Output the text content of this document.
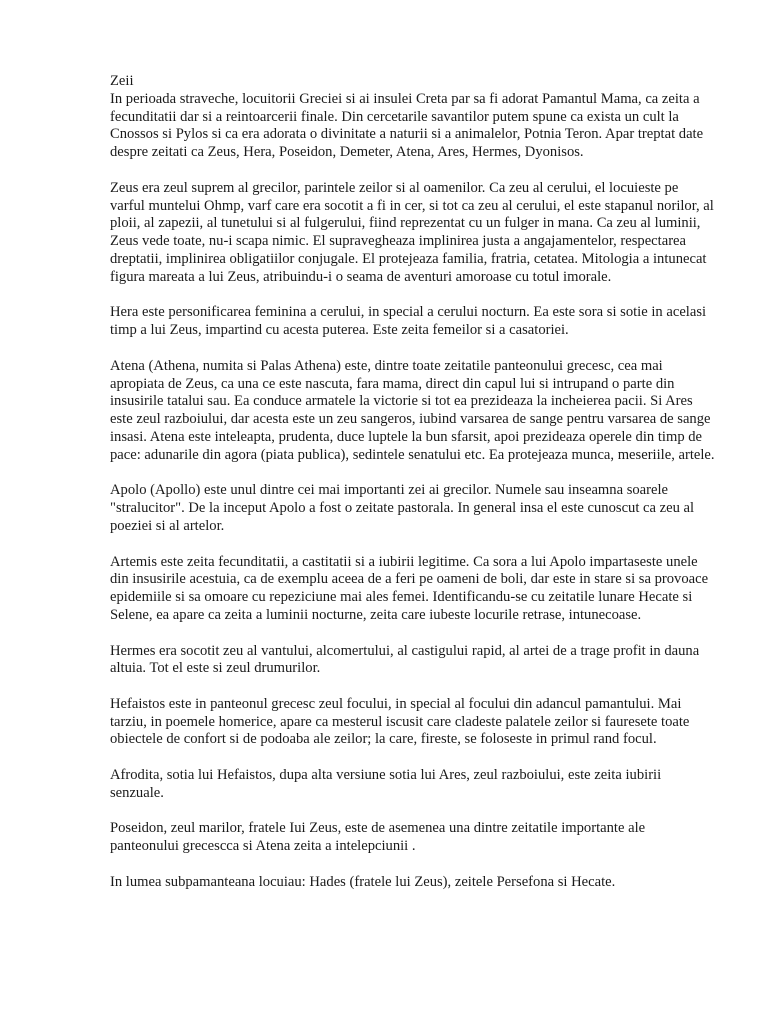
Zeii

In perioada straveche, locuitorii Greciei si ai insulei Creta par sa fi adorat Pamantul Mama, ca zeita a fecunditatii dar si a reintoarcerii finale. Din cercetarile savantilor putem spune ca exista un cult la Cnossos si Pylos si ca era adorata o divinitate a naturii si a animalelor, Potnia Teron. Apar treptat date despre zeitati ca Zeus, Hera, Poseidon, Demeter, Atena, Ares, Hermes, Dyonisos.

Zeus era zeul suprem al grecilor, parintele zeilor si al oamenilor. Ca zeu al cerului, el locuieste pe varful muntelui Ohmp, varf care era socotit a fi in cer, si tot ca zeu al cerului, el este stapanul norilor, al ploii, al zapezii, al tunetului si al fulgerului, fiind reprezentat cu un fulger in mana. Ca zeu al luminii, Zeus vede toate, nu-i scapa nimic. El supravegheaza implinirea justa a angajamentelor, respectarea dreptatii, implinirea obligatiilor conjugale. El protejeaza familia, fratria, cetatea. Mitologia a intunecat figura mareata a lui Zeus, atribuindu-i o seama de aventuri amoroase cu totul imorale.

Hera este personificarea feminina a cerului, in special a cerului nocturn. Ea este sora si sotie in acelasi timp a lui Zeus, impartind cu acesta puterea. Este zeita femeilor si a casatoriei.

Atena (Athena, numita si Palas Athena) este, dintre toate zeitatile panteonului grecesc, cea mai apropiata de Zeus, ca una ce este nascuta, fara mama, direct din capul lui si intrupand o parte din insusirile tatalui sau. Ea conduce armatele la victorie si tot ea prezideaza la incheierea pacii. Si Ares este zeul razboiului, dar acesta este un zeu sangeros, iubind varsarea de sange pentru varsarea de sange insasi. Atena este inteleapta, prudenta, duce luptele la bun sfarsit, apoi prezideaza operele din timp de pace: adunarile din agora (piata publica), sedintele senatului etc. Ea protejeaza munca, meseriile, artele.

Apolo (Apollo) este unul dintre cei mai importanti zei ai grecilor. Numele sau inseamna soarele "stralucitor". De la inceput Apolo a fost o zeitate pastorala. In general insa el este cunoscut ca zeu al poeziei si al artelor.

Artemis este zeita fecunditatii, a castitatii si a iubirii legitime. Ca sora a lui Apolo impartaseste unele din insusirile acestuia, ca de exemplu aceea de a feri pe oameni de boli, dar este in stare si sa provoace epidemiile si sa omoare cu repeziciune mai ales femei. Identificandu-se cu zeitatile lunare Hecate si Selene, ea apare ca zeita a luminii nocturne, zeita care iubeste locurile retrase, intunecoase.

Hermes era socotit zeu al vantului, alcomertului, al castigului rapid, al artei de a trage profit in dauna altuia. Tot el este si zeul drumurilor.

Hefaistos este in panteonul grecesc zeul focului, in special al focului din adancul pamantului. Mai tarziu, in poemele homerice, apare ca mesterul iscusit care cladeste palatele zeilor si fauresete toate obiectele de confort si de podoaba ale zeilor; la care, fireste, se foloseste in primul rand focul.

Afrodita, sotia lui Hefaistos, dupa alta versiune sotia lui Ares, zeul razboiului, este zeita iubirii senzuale.

Poseidon, zeul marilor, fratele Iui Zeus, este de asemenea una dintre zeitatile importante ale panteonului grecescca si Atena zeita a intelepciunii .

In lumea subpamanteana locuiau: Hades (fratele lui Zeus), zeitele Persefona si Hecate.
